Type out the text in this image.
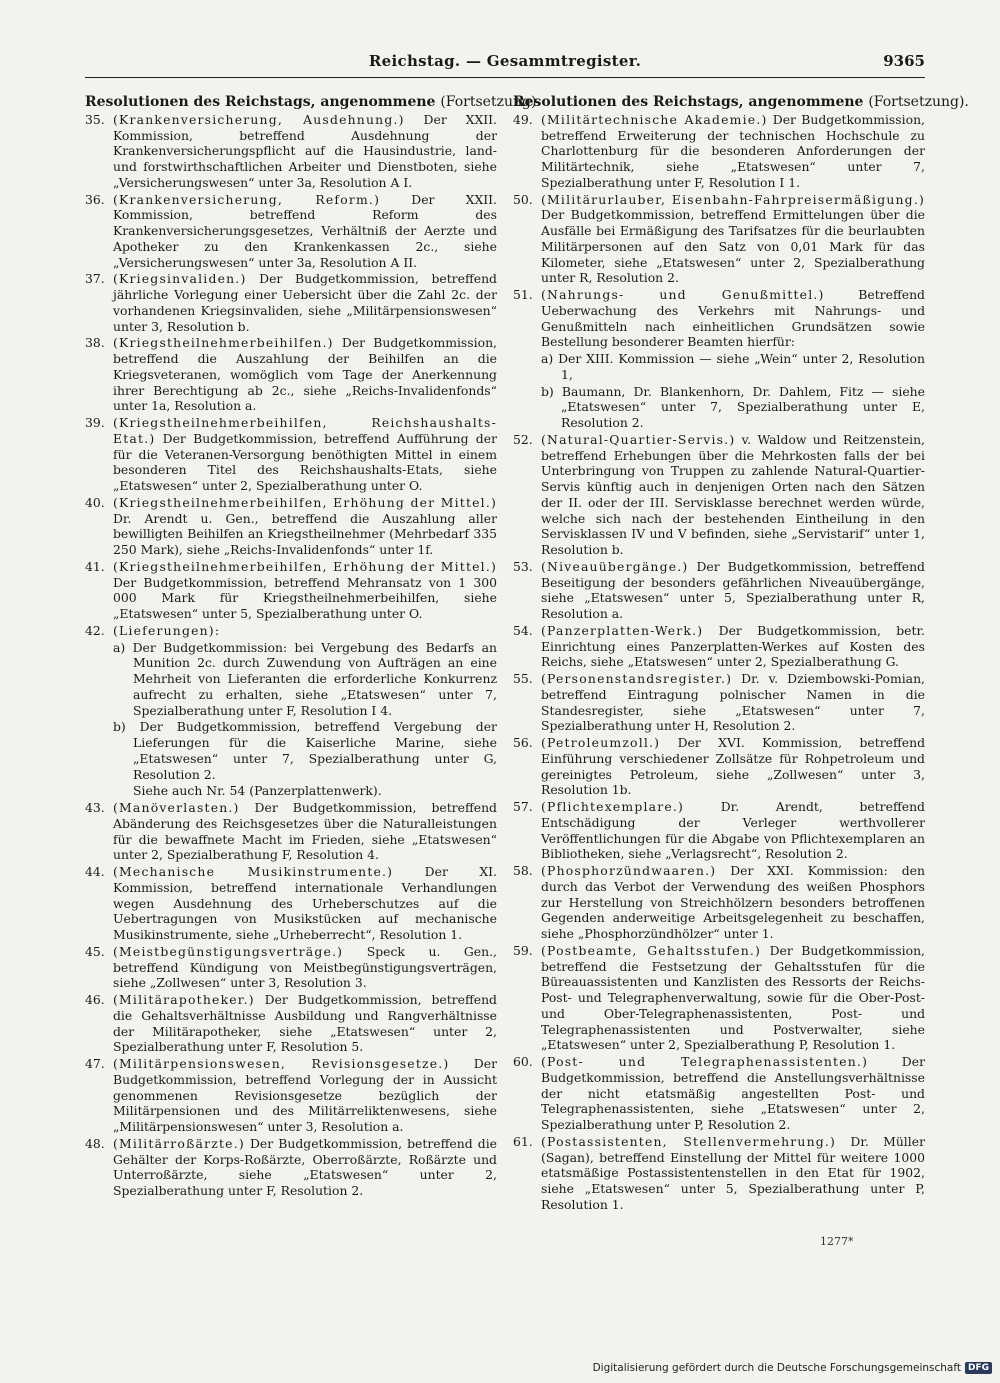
Reichstag. — Gesammtregister.	9365
Resolutionen des Reichstags, angenommene (Fortsetzung).
35. (Krankenversicherung, Ausdehnung.) Der XXII. Kommission, betreffend Ausdehnung der Krankenversicherungspflicht auf die Hausindustrie, land- und forstwirthschaftlichen Arbeiter und Dienstboten, siehe „Versicherungswesen“ unter 3a, Resolution A I.
36. (Krankenversicherung, Reform.) Der XXII. Kommission, betreffend Reform des Krankenversicherungsgesetzes, Verhältniß der Aerzte und Apotheker zu den Krankenkassen 2c., siehe „Versicherungswesen“ unter 3a, Resolution A II.
37. (Kriegsinvaliden.) Der Budgetkommission, betreffend jährliche Vorlegung einer Uebersicht über die Zahl 2c. der vorhandenen Kriegsinvaliden, siehe „Militärpensionswesen“ unter 3, Resolution b.
38. (Kriegstheilnehmerbeihilfen.) Der Budgetkommission, betreffend die Auszahlung der Beihilfen an die Kriegsveteranen, womöglich vom Tage der Anerkennung ihrer Berechtigung ab 2c., siehe „Reichs-Invalidenfonds“ unter 1a, Resolution a.
39. (Kriegstheilnehmerbeihilfen, Reichshaushalts-Etat.) Der Budgetkommission, betreffend Aufführung der für die Veteranen-Versorgung benöthigten Mittel in einem besonderen Titel des Reichshaushalts-Etats, siehe „Etatswesen“ unter 2, Spezialberathung unter O.
40. (Kriegstheilnehmerbeihilfen, Erhöhung der Mittel.) Dr. Arendt u. Gen., betreffend die Auszahlung aller bewilligten Beihilfen an Kriegstheilnehmer (Mehrbedarf 335 250 Mark), siehe „Reichs-Invalidenfonds“ unter 1f.
41. (Kriegstheilnehmerbeihilfen, Erhöhung der Mittel.) Der Budgetkommission, betreffend Mehransatz von 1 300 000 Mark für Kriegstheilnehmerbeihilfen, siehe „Etatswesen“ unter 5, Spezialberathung unter O.
42. (Lieferungen):
a) Der Budgetkommission: bei Vergebung des Bedarfs an Munition 2c. durch Zuwendung von Aufträgen an eine Mehrheit von Lieferanten die erforderliche Konkurrenz aufrecht zu erhalten, siehe „Etatswesen“ unter 7, Spezialberathung unter F, Resolution I 4.
b) Der Budgetkommission, betreffend Vergebung der Lieferungen für die Kaiserliche Marine, siehe „Etatswesen“ unter 7, Spezialberathung unter G, Resolution 2.
Siehe auch Nr. 54 (Panzerplattenwerk).
43. (Manöverlasten.) Der Budgetkommission, betreffend Abänderung des Reichsgesetzes über die Naturalleistungen für die bewaffnete Macht im Frieden, siehe „Etatswesen“ unter 2, Spezialberathung F, Resolution 4.
44. (Mechanische Musikinstrumente.) Der XI. Kommission, betreffend internationale Verhandlungen wegen Ausdehnung des Urheberschutzes auf die Uebertragungen von Musikstücken auf mechanische Musikinstrumente, siehe „Urheberrecht“, Resolution 1.
45. (Meistbegünstigungsverträge.) Speck u. Gen., betreffend Kündigung von Meistbegünstigungsverträgen, siehe „Zollwesen“ unter 3, Resolution 3.
46. (Militärapotheker.) Der Budgetkommission, betreffend die Gehaltsverhältnisse Ausbildung und Rangverhältnisse der Militärapotheker, siehe „Etatswesen“ unter 2, Spezialberathung unter F, Resolution 5.
47. (Militärpensionswesen, Revisionsgesetze.) Der Budgetkommission, betreffend Vorlegung der in Aussicht genommenen Revisionsgesetze bezüglich der Militärpensionen und des Militärreliktenwesens, siehe „Militärpensionswesen“ unter 3, Resolution a.
48. (Militärroßärzte.) Der Budgetkommission, betreffend die Gehälter der Korps-Roßärzte, Oberroßärzte, Roßärzte und Unterroßärzte, siehe „Etatswesen“ unter 2, Spezialberathung unter F, Resolution 2.
Resolutionen des Reichstags, angenommene (Fortsetzung).
49. (Militärtechnische Akademie.) Der Budgetkommission, betreffend Erweiterung der technischen Hochschule zu Charlottenburg für die besonderen Anforderungen der Militärtechnik, siehe „Etatswesen“ unter 7, Spezialberathung unter F, Resolution I 1.
50. (Militärurlauber, Eisenbahn-Fahrpreisermäßigung.) Der Budgetkommission, betreffend Ermittelungen über die Ausfälle bei Ermäßigung des Tarifsatzes für die beurlaubten Militärpersonen auf den Satz von 0,01 Mark für das Kilometer, siehe „Etatswesen“ unter 2, Spezialberathung unter R, Resolution 2.
51. (Nahrungs- und Genußmittel.) Betreffend Ueberwachung des Verkehrs mit Nahrungs- und Genußmitteln nach einheitlichen Grundsätzen sowie Bestellung besonderer Beamten hierfür:
a) Der XIII. Kommission — siehe „Wein“ unter 2, Resolution 1,
b) Baumann, Dr. Blankenhorn, Dr. Dahlem, Fitz — siehe „Etatswesen“ unter 7, Spezialberathung unter E, Resolution 2.
52. (Natural-Quartier-Servis.) v. Waldow und Reitzenstein, betreffend Erhebungen über die Mehrkosten falls der bei Unterbringung von Truppen zu zahlende Natural-Quartier-Servis künftig auch in denjenigen Orten nach den Sätzen der II. oder der III. Servisklasse berechnet werden würde, welche sich nach der bestehenden Eintheilung in den Servisklassen IV und V befinden, siehe „Servistarif“ unter 1, Resolution b.
53. (Niveauübergänge.) Der Budgetkommission, betreffend Beseitigung der besonders gefährlichen Niveauübergänge, siehe „Etatswesen“ unter 5, Spezialberathung unter R, Resolution a.
54. (Panzerplatten-Werk.) Der Budgetkommission, betr. Einrichtung eines Panzerplatten-Werkes auf Kosten des Reichs, siehe „Etatswesen“ unter 2, Spezialberathung G.
55. (Personenstandsregister.) Dr. v. Dziembowski-Pomian, betreffend Eintragung polnischer Namen in die Standesregister, siehe „Etatswesen“ unter 7, Spezialberathung unter H, Resolution 2.
56. (Petroleumzoll.) Der XVI. Kommission, betreffend Einführung verschiedener Zollsätze für Rohpetroleum und gereinigtes Petroleum, siehe „Zollwesen“ unter 3, Resolution 1b.
57. (Pflichtexemplare.) Dr. Arendt, betreffend Entschädigung der Verleger werthvollerer Veröffentlichungen für die Abgabe von Pflichtexemplaren an Bibliotheken, siehe „Verlagsrecht“, Resolution 2.
58. (Phosphorzündwaaren.) Der XXI. Kommission: den durch das Verbot der Verwendung des weißen Phosphors zur Herstellung von Streichhölzern besonders betroffenen Gegenden anderweitige Arbeitsgelegenheit zu beschaffen, siehe „Phosphorzündhölzer“ unter 1.
59. (Postbeamte, Gehaltsstufen.) Der Budgetkommission, betreffend die Festsetzung der Gehaltsstufen für die Büreauassistenten und Kanzlisten des Ressorts der Reichs-Post- und Telegraphenverwaltung, sowie für die Ober-Post- und Ober-Telegraphenassistenten, Post- und Telegraphenassistenten und Postverwalter, siehe „Etatswesen“ unter 2, Spezialberathung P, Resolution 1.
60. (Post- und Telegraphenassistenten.) Der Budgetkommission, betreffend die Anstellungsverhältnisse der nicht etatsmäßig angestellten Post- und Telegraphenassistenten, siehe „Etatswesen“ unter 2, Spezialberathung unter P, Resolution 2.
61. (Postassistenten, Stellenvermehrung.) Dr. Müller (Sagan), betreffend Einstellung der Mittel für weitere 1000 etatsmäßige Postassistentenstellen in den Etat für 1902, siehe „Etatswesen“ unter 5, Spezialberathung unter P, Resolution 1.
1277*
Digitalisierung gefördert durch die Deutsche Forschungsgemeinschaft DFG
